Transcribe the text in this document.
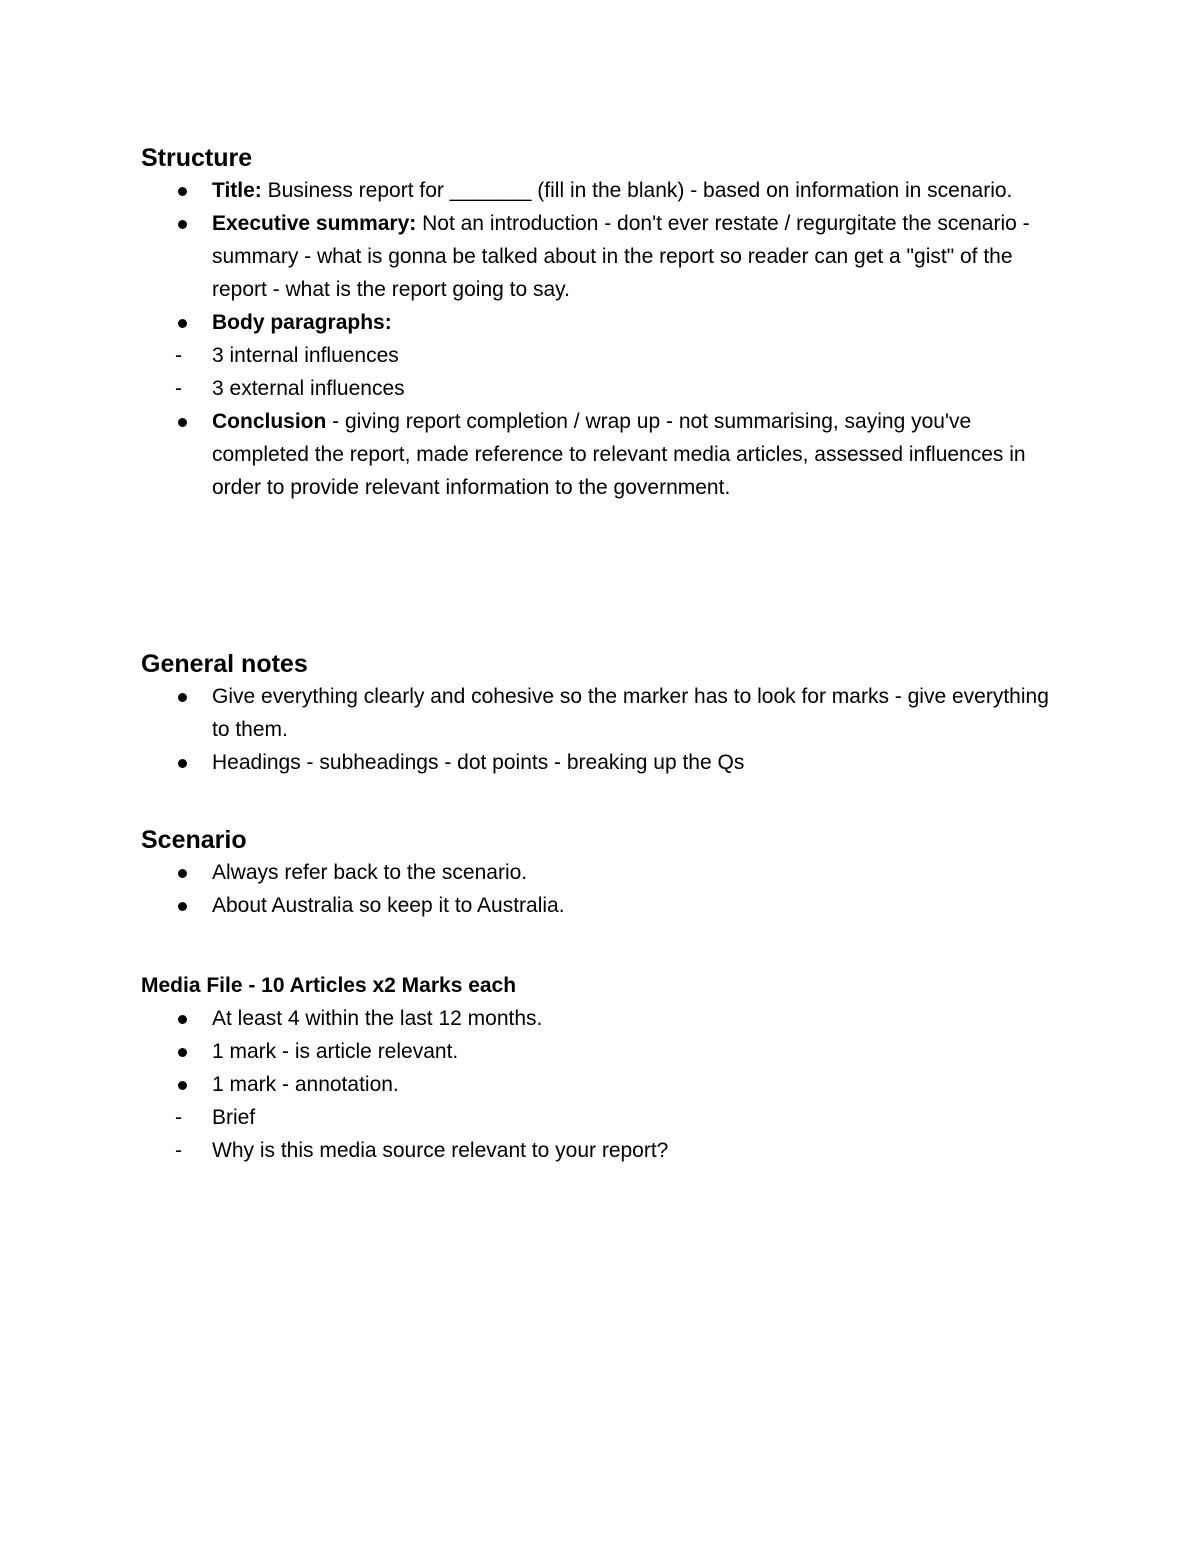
Structure
Title: Business report for _______ (fill in the blank) - based on information in scenario.
Executive summary: Not an introduction - don't ever restate / regurgitate the scenario - summary - what is gonna be talked about in the report so reader can get a "gist" of the report - what is the report going to say.
Body paragraphs:
- 3 internal influences
- 3 external influences
Conclusion - giving report completion / wrap up - not summarising, saying you've completed the report, made reference to relevant media articles, assessed influences in order to provide relevant information to the government.
General notes
Give everything clearly and cohesive so the marker has to look for marks - give everything to them.
Headings - subheadings - dot points - breaking up the Qs
Scenario
Always refer back to the scenario.
About Australia so keep it to Australia.
Media File - 10 Articles x2 Marks each
At least 4 within the last 12 months.
1 mark - is article relevant.
1 mark - annotation.
- Brief
- Why is this media source relevant to your report?
